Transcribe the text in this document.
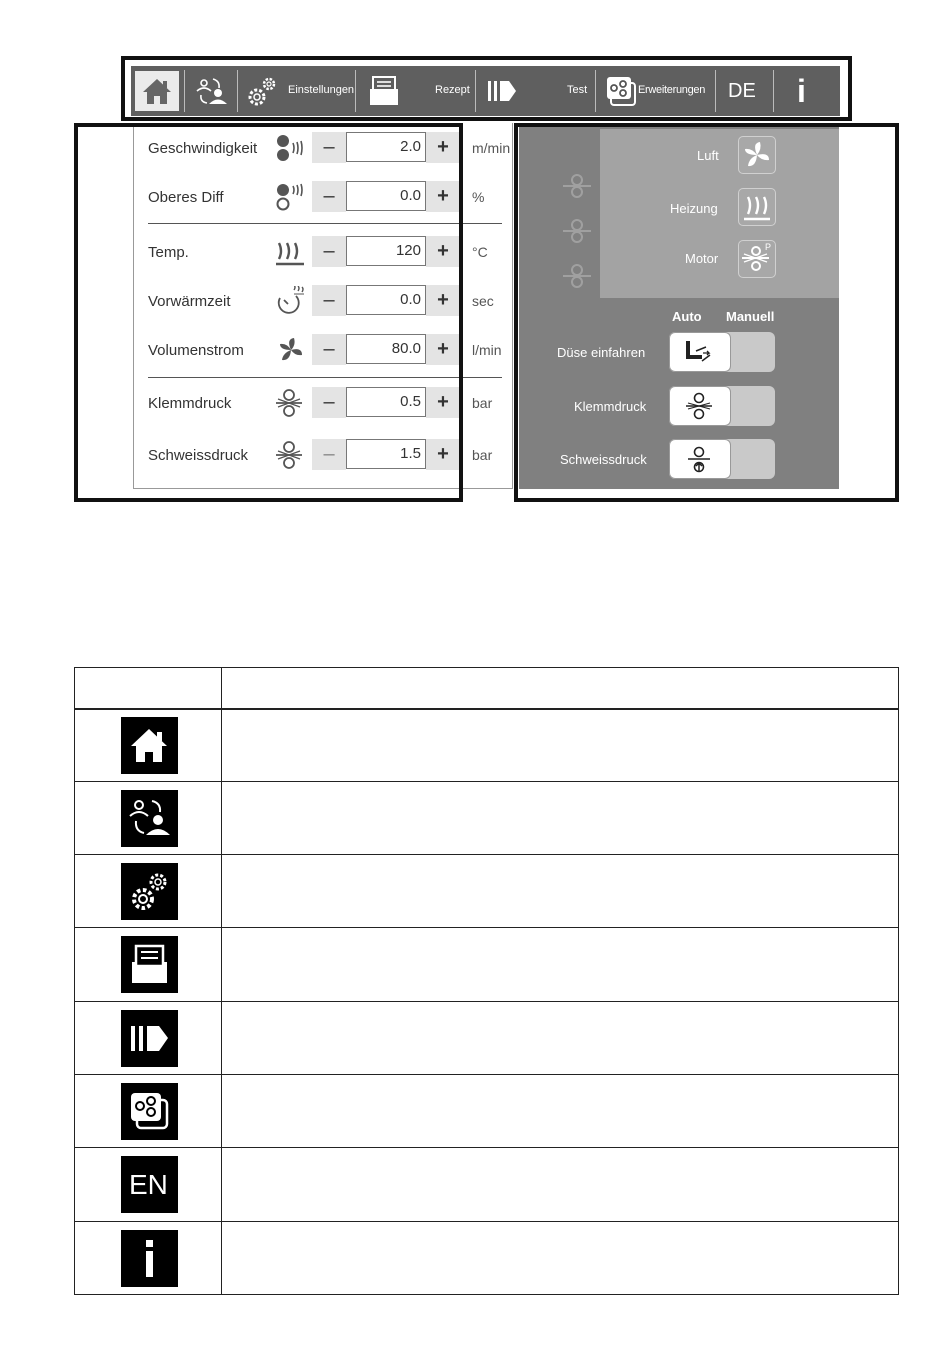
Einstellungen	Rezept	Test	Erweiterungen DE i
Geschwindigkeit	–	2.0 +	m/min
Oberes Diff	–	0.0 +	%
Temp.	–	120 +	°C
Vorwärmzeit	–	0.0 +	sec
Volumenstrom	–	80.0 +	l/min
Klemmdruck	–	0.5 +	bar
Schweissdruck	–	1.5 +	bar
Luft
Heizung
Motor
P
Auto Manuell
Düse einfahren
Klemmdruck
Schweissdruck
EN
